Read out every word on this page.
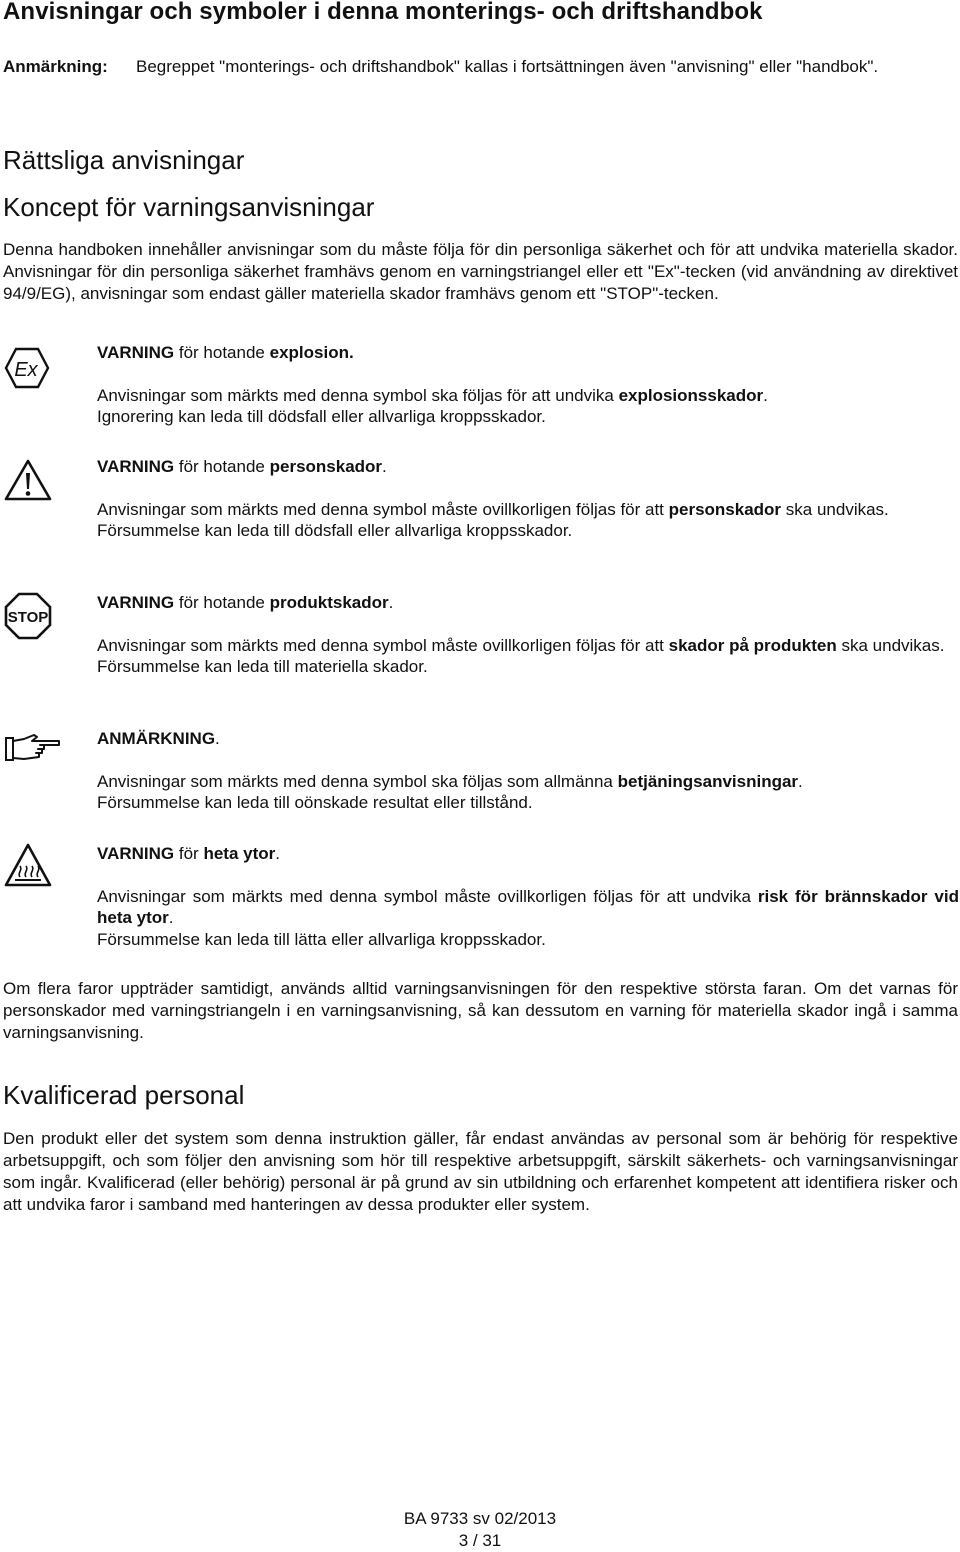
Anvisningar och symboler i denna monterings- och driftshandbok
Anmärkning: Begreppet "monterings- och driftshandbok" kallas i fortsättningen även "anvisning" eller "handbok".
Rättsliga anvisningar
Koncept för varningsanvisningar
Denna handboken innehåller anvisningar som du måste följa för din personliga säkerhet och för att undvika materiella skador. Anvisningar för din personliga säkerhet framhävs genom en varningstriangel eller ett "Ex"-tecken (vid användning av direktivet 94/9/EG), anvisningar som endast gäller materiella skador framhävs genom ett "STOP"-tecken.
Ex
VARNING för hotande explosion.
Anvisningar som märkts med denna symbol ska följas för att undvika explosionsskador.
Ignorering kan leda till dödsfall eller allvarliga kroppsskador.
VARNING för hotande personskador.
Anvisningar som märkts med denna symbol måste ovillkorligen följas för att personskador ska undvikas.
Försummelse kan leda till dödsfall eller allvarliga kroppsskador.
STOP
VARNING för hotande produktskador.
Anvisningar som märkts med denna symbol måste ovillkorligen följas för att skador på produkten ska undvikas.
Försummelse kan leda till materiella skador.
ANMÄRKNING.
Anvisningar som märkts med denna symbol ska följas som allmänna betjäningsanvisningar.
Försummelse kan leda till oönskade resultat eller tillstånd.
VARNING för heta ytor.
Anvisningar som märkts med denna symbol måste ovillkorligen följas för att undvika risk för brännskador vid heta ytor.
Försummelse kan leda till lätta eller allvarliga kroppsskador.
Om flera faror uppträder samtidigt, används alltid varningsanvisningen för den respektive största faran. Om det varnas för personskador med varningstriangeln i en varningsanvisning, så kan dessutom en varning för materiella skador ingå i samma varningsanvisning.
Kvalificerad personal
Den produkt eller det system som denna instruktion gäller, får endast användas av personal som är behörig för respektive arbetsuppgift, och som följer den anvisning som hör till respektive arbetsuppgift, särskilt säkerhets- och varningsanvisningar som ingår. Kvalificerad (eller behörig) personal är på grund av sin utbildning och erfarenhet kompetent att identifiera risker och att undvika faror i samband med hanteringen av dessa produkter eller system.
BA 9733 sv 02/2013
3 / 31
